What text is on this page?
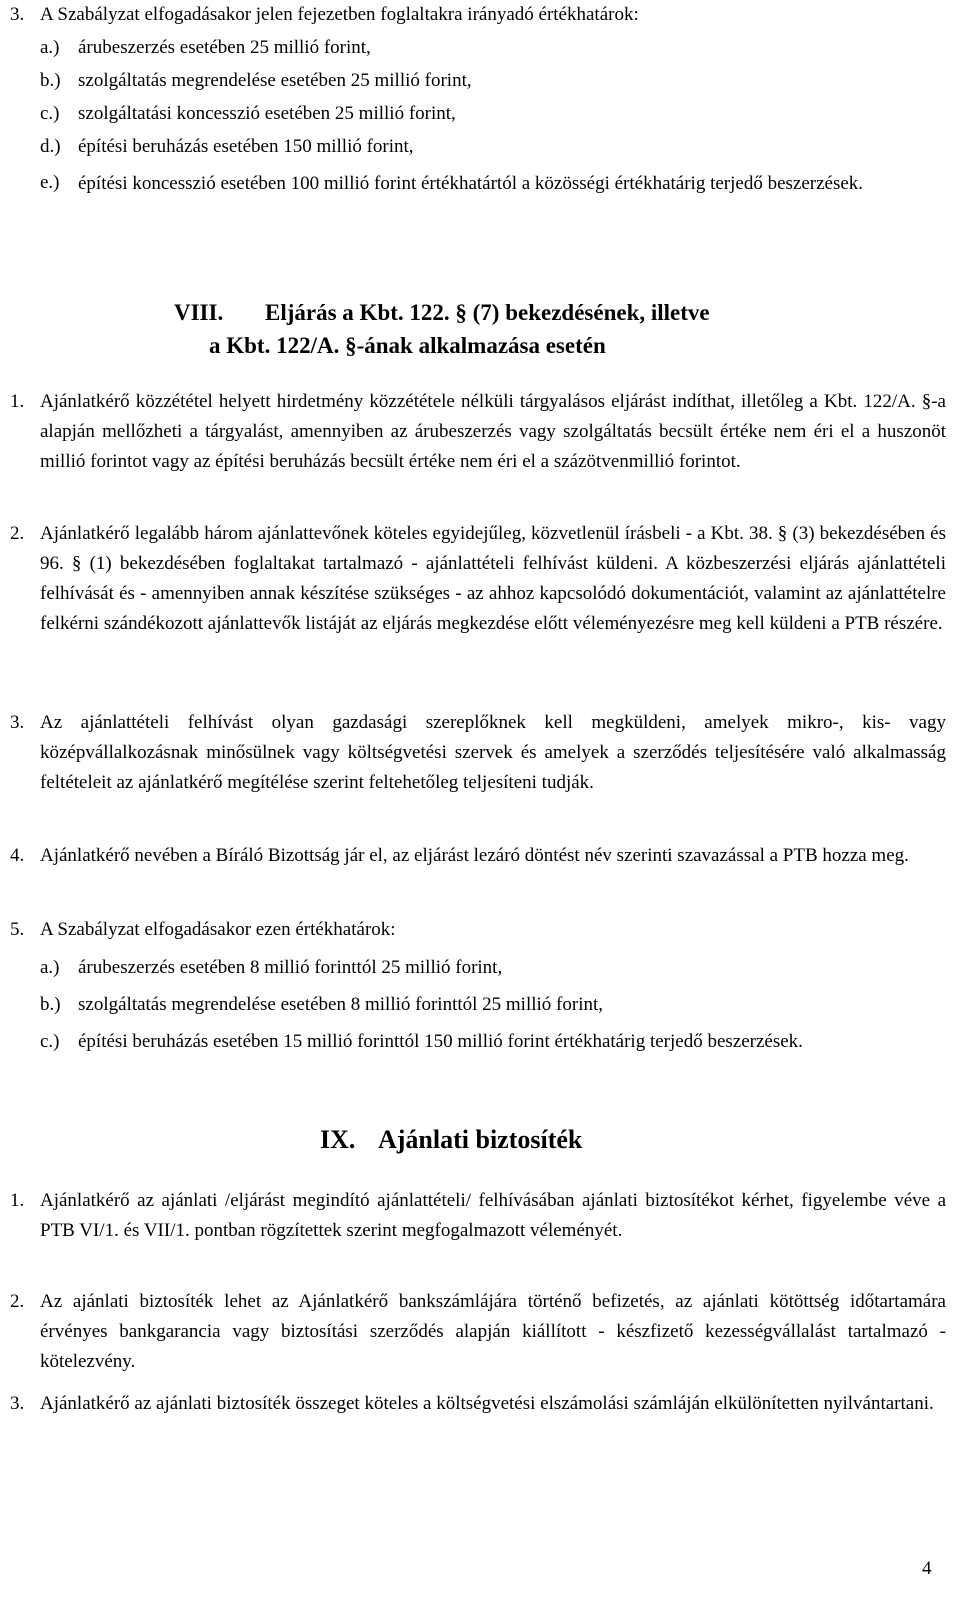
3. A Szabályzat elfogadásakor jelen fejezetben foglaltakra irányadó értékhatárok:
a.) árubeszerzés esetében 25 millió forint,
b.) szolgáltatás megrendelése esetében 25 millió forint,
c.) szolgáltatási koncesszió esetében 25 millió forint,
d.) építési beruházás esetében 150 millió forint,
e.) építési koncesszió esetében 100 millió forint értékhatártól a közösségi értékhatárig terjedő beszerzések.
VIII. Eljárás a Kbt. 122. § (7) bekezdésének, illetve
a Kbt. 122/A. §-ának alkalmazása esetén
1. Ajánlatkérő közzététel helyett hirdetmény közzététele nélküli tárgyalásos eljárást indíthat, illetőleg a Kbt. 122/A. §-a alapján mellőzheti a tárgyalást, amennyiben az árubeszerzés vagy szolgáltatás becsült értéke nem éri el a huszonöt millió forintot vagy az építési beruházás becsült értéke nem éri el a százötvenmillió forintot.
2. Ajánlatkérő legalább három ajánlattevőnek köteles egyidejűleg, közvetlenül írásbeli - a Kbt. 38. § (3) bekezdésében és 96. § (1) bekezdésében foglaltakat tartalmazó - ajánlattételi felhívást küldeni. A közbeszerzési eljárás ajánlattételi felhívását és - amennyiben annak készítése szükséges - az ahhoz kapcsolódó dokumentációt, valamint az ajánlattételre felkérni szándékozott ajánlattevők listáját az eljárás megkezdése előtt véleményezésre meg kell küldeni a PTB részére.
3. Az ajánlattételi felhívást olyan gazdasági szereplőknek kell megküldeni, amelyek mikro-, kis- vagy középvállalkozásnak minősülnek vagy költségvetési szervek és amelyek a szerződés teljesítésére való alkalmasság feltételeit az ajánlatkérő megítélése szerint feltehetőleg teljesíteni tudják.
4. Ajánlatkérő nevében a Bíráló Bizottság jár el, az eljárást lezáró döntést név szerinti szavazással a PTB hozza meg.
5. A Szabályzat elfogadásakor ezen értékhatárok:
a.) árubeszerzés esetében 8 millió forinttól 25 millió forint,
b.) szolgáltatás megrendelése esetében 8 millió forinttól 25 millió forint,
c.) építési beruházás esetében 15 millió forinttól 150 millió forint értékhatárig terjedő beszerzések.
IX. Ajánlati biztosíték
1. Ajánlatkérő az ajánlati /eljárást megindító ajánlattételi/ felhívásában ajánlati biztosítékot kérhet, figyelembe véve a PTB VI/1. és VII/1. pontban rögzítettek szerint megfogalmazott véleményét.
2. Az ajánlati biztosíték lehet az Ajánlatkérő bankszámlájára történő befizetés, az ajánlati kötöttség időtartamára érvényes bankgarancia vagy biztosítási szerződés alapján kiállított - készfizető kezességvállalást tartalmazó - kötelezvény.
3. Ajánlatkérő az ajánlati biztosíték összeget köteles a költségvetési elszámolási számláján elkülönítetten nyilvántartani.
4
